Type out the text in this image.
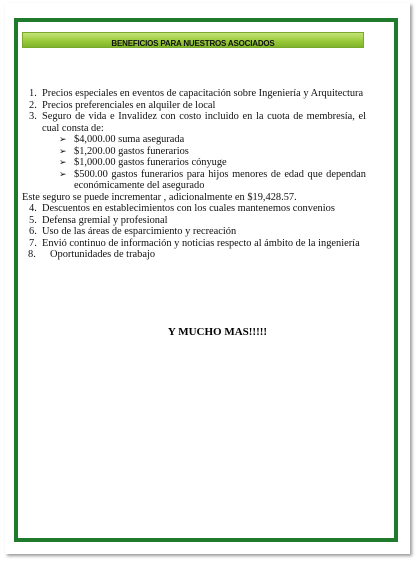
BENEFICIOS PARA NUESTROS ASOCIADOS
1. Precios especiales en eventos de capacitación sobre Ingeniería y Arquitectura
2. Precios preferenciales en alquiler de local
3. Seguro de vida e Invalidez con costo incluido en la cuota de membresía, el cual consta de:
➢ $4,000.00 suma asegurada
➢ $1,200.00 gastos funerarios
➢ $1,000.00 gastos funerarios cónyuge
➢ $500.00 gastos funerarios para hijos menores de edad que dependan económicamente del asegurado
Este seguro se puede incrementar , adicionalmente en $19,428.57.
4. Descuentos en establecimientos con los cuales mantenemos convenios
5. Defensa gremial y profesional
6. Uso de las áreas de esparcimiento y recreación
7. Envió continuo de información y noticias respecto al ámbito de la ingeniería
8. Oportunidades de trabajo
Y MUCHO MAS!!!!!
